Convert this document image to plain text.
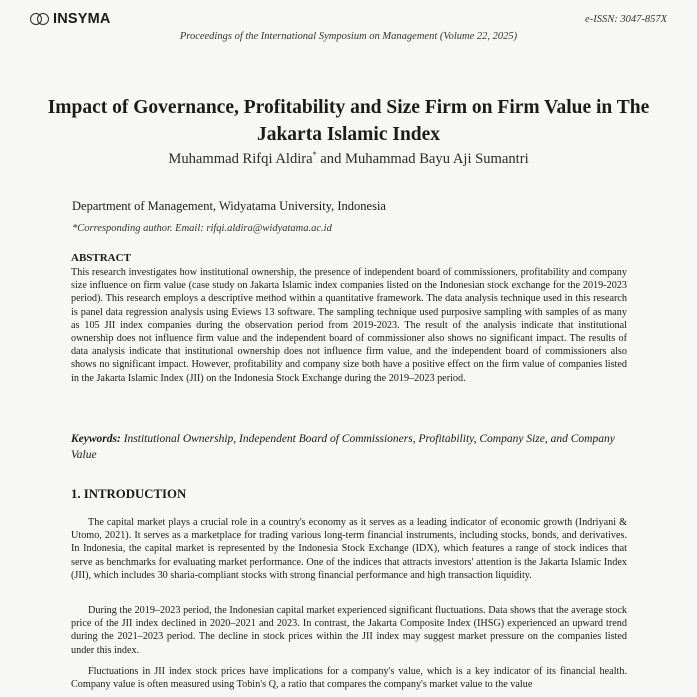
INSYMA	e-ISSN: 3047-857X
Proceedings of the International Symposium on Management (Volume 22, 2025)
Impact of Governance, Profitability and Size Firm on Firm Value in The Jakarta Islamic Index
Muhammad Rifqi Aldira* and Muhammad Bayu Aji Sumantri
Department of Management, Widyatama University, Indonesia
*Corresponding author. Email: rifqi.aldira@widyatama.ac.id
ABSTRACT

This research investigates how institutional ownership, the presence of independent board of commissioners, profitability and company size influence on firm value (case study on Jakarta Islamic index companies listed on the Indonesian stock exchange for the 2019-2023 period). This research employs a descriptive method within a quantitative framework. The data analysis technique used in this research is panel data regression analysis using Eviews 13 software. The sampling technique used purposive sampling with samples of as many as 105 JII index companies during the observation period from 2019-2023. The result of the analysis indicate that institutional ownership does not influence firm value and the independent board of commissioner also shows no significant impact. The results of data analysis indicate that institutional ownership does not influence firm value, and the independent board of commissioners also shows no significant impact. However, profitability and company size both have a positive effect on the firm value of companies listed in the Jakarta Islamic Index (JII) on the Indonesia Stock Exchange during the 2019–2023 period.

Keywords: Institutional Ownership, Independent Board of Commissioners, Profitability, Company Size, and Company Value
1. INTRODUCTION

The capital market plays a crucial role in a country's economy as it serves as a leading indicator of economic growth (Indriyani & Utomo, 2021). It serves as a marketplace for trading various long-term financial instruments, including stocks, bonds, and derivatives. In Indonesia, the capital market is represented by the Indonesia Stock Exchange (IDX), which features a range of stock indices that serve as benchmarks for evaluating market performance. One of the indices that attracts investors' attention is the Jakarta Islamic Index (JII), which includes 30 sharia-compliant stocks with strong financial performance and high transaction liquidity.

During the 2019–2023 period, the Indonesian capital market experienced significant fluctuations. Data shows that the average stock price of the JII index declined in 2020–2021 and 2023. In contrast, the Jakarta Composite Index (IHSG) experienced an upward trend during the 2021–2023 period. The decline in stock prices within the JII index may suggest market pressure on the companies listed under this index.

Fluctuations in JII index stock prices have implications for a company's value, which is a key indicator of its financial health. Company value is often measured using Tobin's Q, a ratio that compares the company's market value to the value
